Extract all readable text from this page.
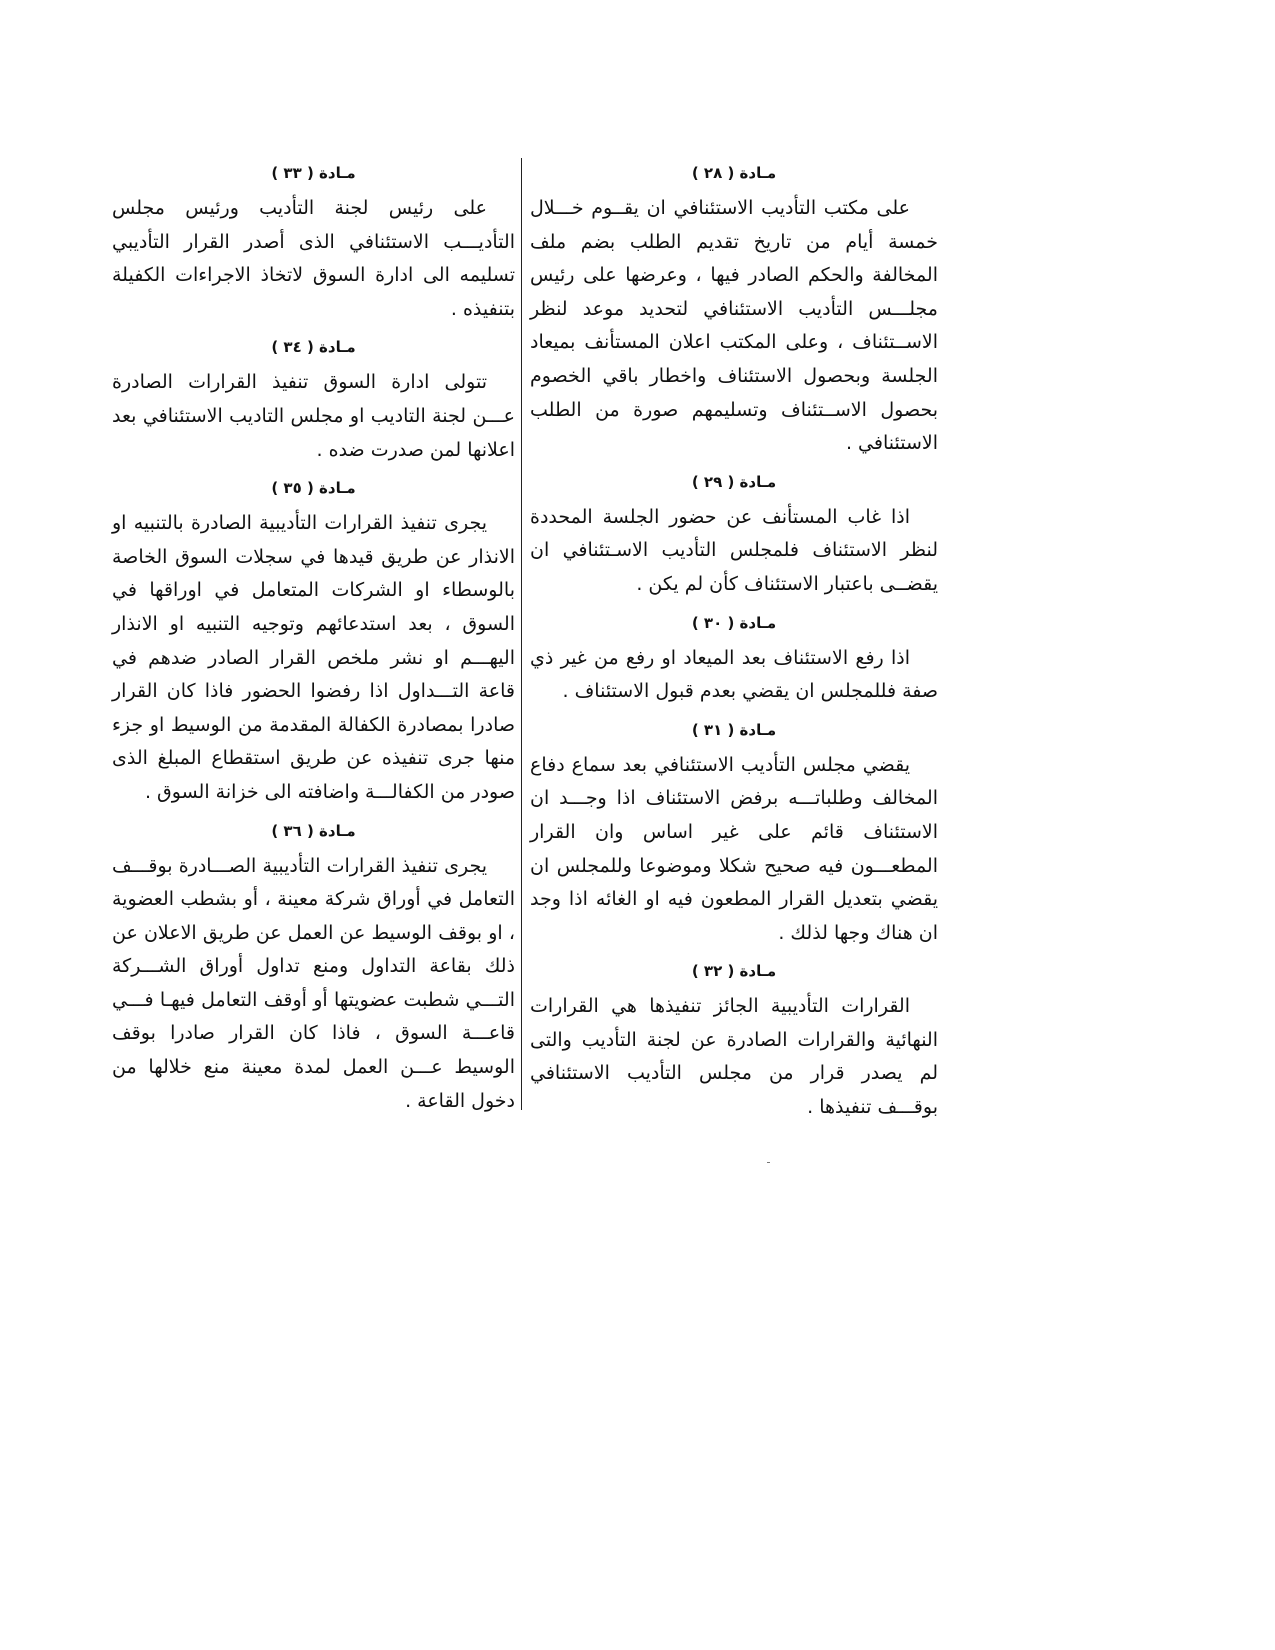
مـادة ( ٢٨ )

على مكتب التأديب الاستئنافي ان يقــوم خـــلال خمسة أيام من تاريخ تقديم الطلب بضم ملف المخالفة والحكم الصادر فيها ، وعرضها على رئيس مجلـــس التأديب الاستئنافي لتحديد موعد لنظر الاســتئناف ، وعلى المكتب اعلان المستأنف بميعاد الجلسة وبحصول الاستئناف واخطار باقي الخصوم بحصول الاســتئناف وتسليمهم صورة من الطلب الاستئنافي .

مـادة ( ٢٩ )

اذا غاب المستأنف عن حضور الجلسة المحددة لنظر الاستئناف فلمجلس التأديب الاسـتئنافي ان يقضــى باعتبار الاستئناف كأن لم يكن .

مـادة ( ٣٠ )

اذا رفع الاستئناف بعد الميعاد او رفع من غير ذي صفة فللمجلس ان يقضي بعدم قبول الاستئناف .

مـادة ( ٣١ )

يقضي مجلس التأديب الاستئنافي بعد سماع دفاع المخالف وطلباتـــه برفض الاستئناف اذا وجـــد ان الاستئناف قائم على غير اساس وان القرار المطعـــون فيه صحيح شكلا وموضوعا وللمجلس ان يقضي بتعديل القرار المطعون فيه او الغائه اذا وجد ان هناك وجها لذلك .

مـادة ( ٣٢ )

القرارات التأديبية الجائز تنفيذها هي القرارات النهائية والقرارات الصادرة عن لجنة التأديب والتى لم يصدر قرار من مجلس التأديب الاستئنافي بوقـــف تنفيذها .

مـادة ( ٣٣ )

على رئيس لجنة التأديب ورئيس مجلس التأديـــب الاستئنافي الذى أصدر القرار التأديبي تسليمه الى ادارة السوق لاتخاذ الاجراءات الكفيلة بتنفيذه .

مـادة ( ٣٤ )

تتولى ادارة السوق تنفيذ القرارات الصادرة عـــن لجنة التاديب او مجلس التاديب الاستئنافي بعد اعلانها لمن صدرت ضده .

مـادة ( ٣٥ )

يجرى تنفيذ القرارات التأديبية الصادرة بالتنبيه او الانذار عن طريق قيدها في سجلات السوق الخاصة بالوسطاء او الشركات المتعامل في اوراقها في السوق ، بعد استدعائهم وتوجيه التنبيه او الانذار اليهـــم او نشر ملخص القرار الصادر ضدهم في قاعة التـــداول اذا رفضوا الحضور فاذا كان القرار صادرا بمصادرة الكفالة المقدمة من الوسيط او جزء منها جرى تنفيذه عن طريق استقطاع المبلغ الذى صودر من الكفالـــة واضافته الى خزانة السوق .

مـادة ( ٣٦ )

يجرى تنفيذ القرارات التأديبية الصـــادرة بوقـــف التعامل في أوراق شركة معينة ، أو بشطب العضوية ، او بوقف الوسيط عن العمل عن طريق الاعلان عن ذلك بقاعة التداول ومنع تداول أوراق الشـــركة التـــي شطبت عضويتها أو أوقف التعامل فيهـا فـــي قاعـــة السوق ، فاذا كان القرار صادرا بوقف الوسيط عـــن العمل لمدة معينة منع خلالها من دخول القاعة .
